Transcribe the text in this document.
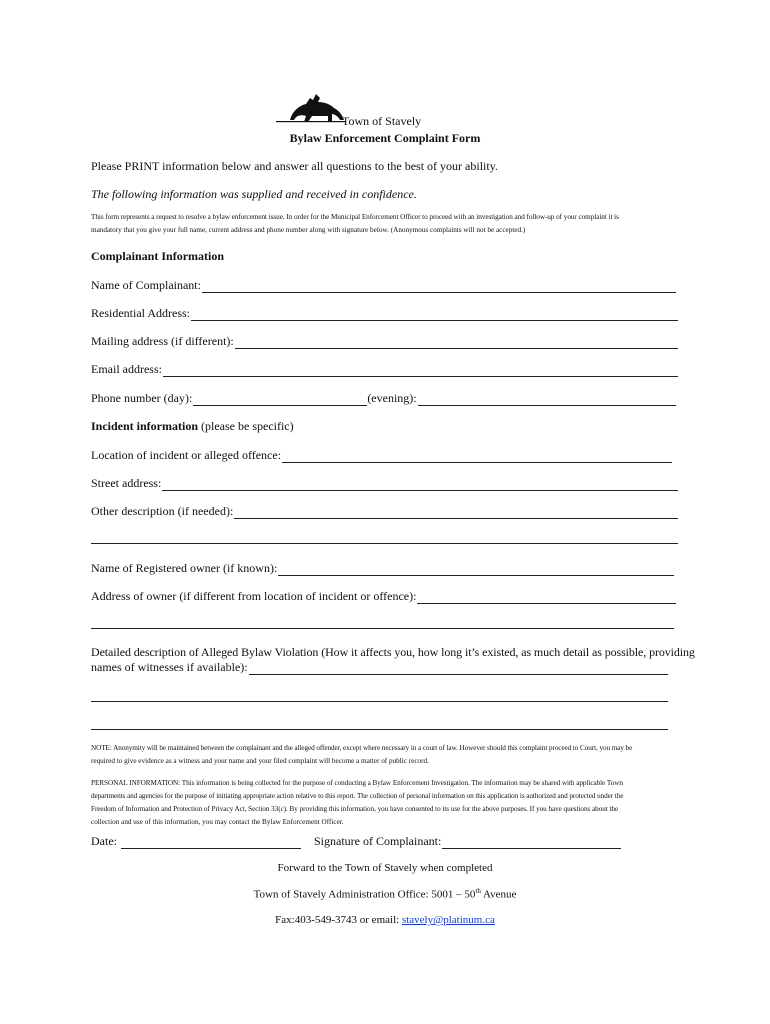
Town of Stavely
Bylaw Enforcement Complaint Form
Please PRINT information below and answer all questions to the best of your ability.
The following information was supplied and received in confidence.
This form represents a request to resolve a bylaw enforcement issue. In order for the Municipal Enforcement Officer to proceed with an investigation and follow-up of your complaint it is
mandatory that you give your full name, current address and phone number along with signature below. (Anonymous complaints will not be accepted.)
Complainant Information
Name of Complainant:
Residential Address:
Mailing address (if different):
Email address:
Phone number (day):	(evening):
Incident information (please be specific)
Location of incident or alleged offence:
Street address:
Other description (if needed):
Name of Registered owner (if known):
Address of owner (if different from location of incident or offence):
Detailed description of Alleged Bylaw Violation (How it affects you, how long it’s existed, as much detail as possible, providing
names of witnesses if available):
NOTE: Anonymity will be maintained between the complainant and the alleged offender, except where necessary in a court of law. However should this complaint proceed to Court, you may be
required to give evidence as a witness and your name and your filed complaint will become a matter of public record.
PERSONAL INFORMATION: This information is being collected for the purpose of conducting a Bylaw Enforcement Investigation. The information may be shared with applicable Town
departments and agencies for the purpose of initiating appropriate action relative to this report. The collection of personal information on this application is authorized and protected under the
Freedom of Information and Protection of Privacy Act, Section 33(c). By providing this information, you have consented to its use for the above purposes. If you have questions about the
collection and use of this information, you may contact the Bylaw Enforcement Officer.
Date:	Signature of Complainant:
Forward to the Town of Stavely when completed
Town of Stavely Administration Office: 5001 – 50th Avenue
Fax:403-549-3743 or email: stavely@platinum.ca
